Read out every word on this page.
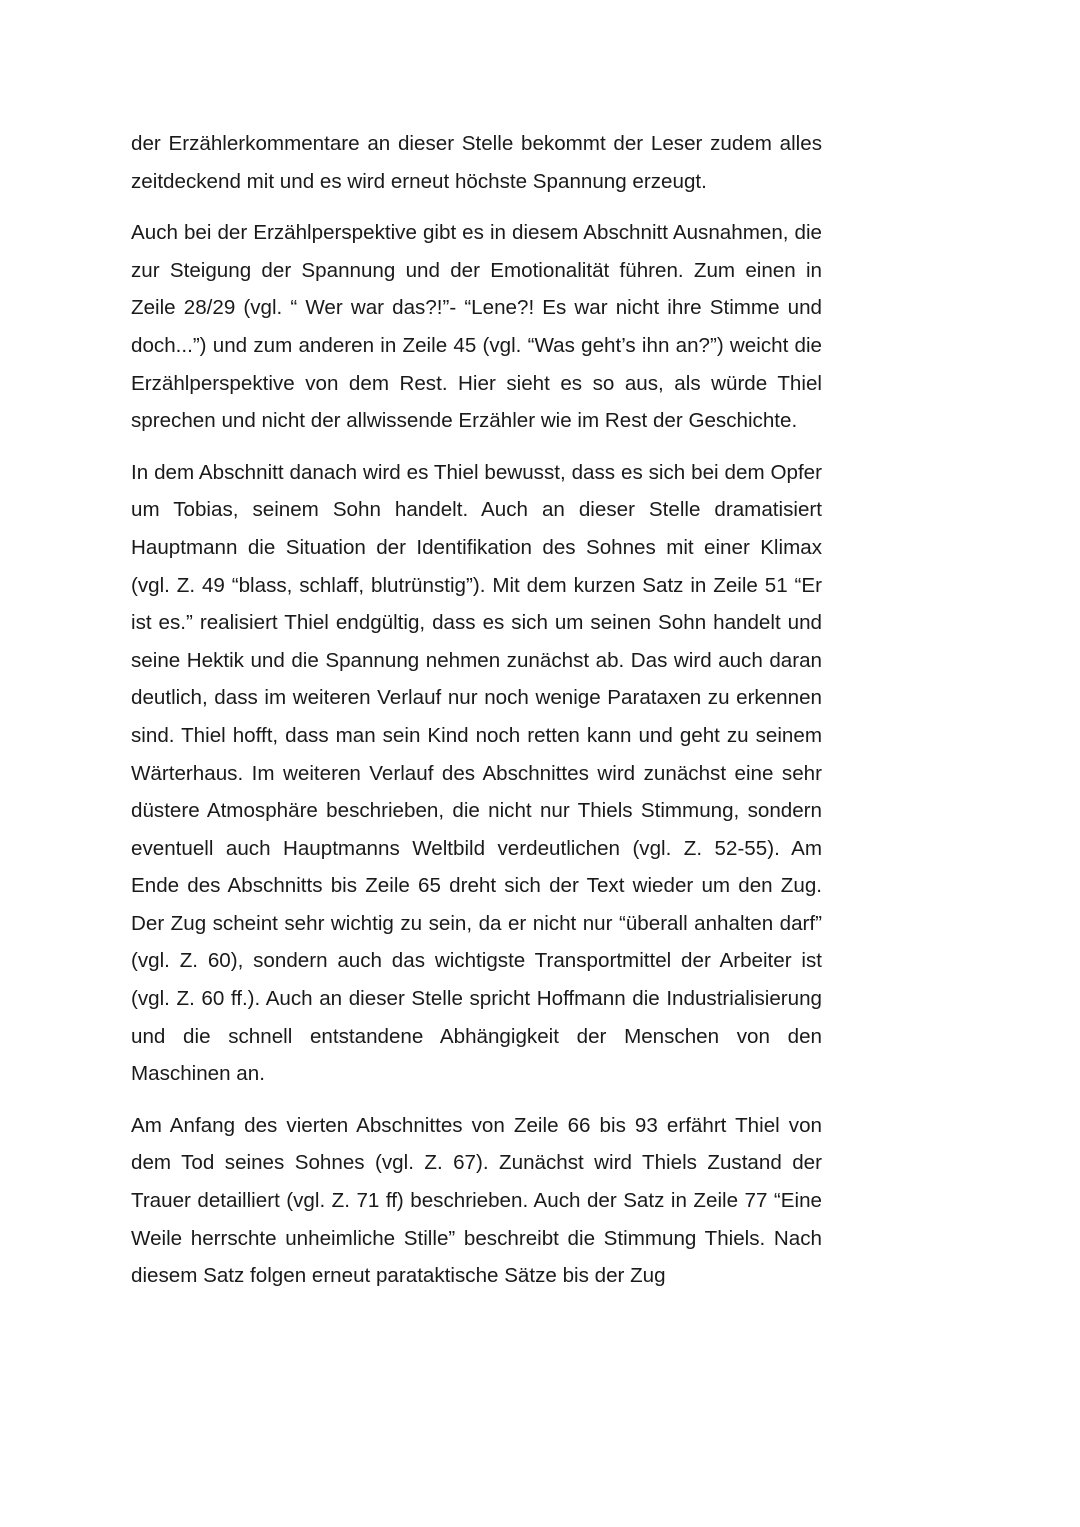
der Erzählerkommentare an dieser Stelle bekommt der Leser zudem alles zeitdeckend mit und es wird erneut höchste Spannung erzeugt.

Auch bei der Erzählperspektive gibt es in diesem Abschnitt Ausnahmen, die zur Steigung der Spannung und der Emotionalität führen. Zum einen in Zeile 28/29 (vgl. “ Wer war das?!”- “Lene?! Es war nicht ihre Stimme und doch...”) und zum anderen in Zeile 45 (vgl. “Was geht’s ihn an?”) weicht die Erzählperspektive von dem Rest. Hier sieht es so aus, als würde Thiel sprechen und nicht der allwissende Erzähler wie im Rest der Geschichte.

In dem Abschnitt danach wird es Thiel bewusst, dass es sich bei dem Opfer um Tobias, seinem Sohn handelt. Auch an dieser Stelle dramatisiert Hauptmann die Situation der Identifikation des Sohnes mit einer Klimax (vgl. Z. 49 “blass, schlaff, blutrünstig”). Mit dem kurzen Satz in Zeile 51 “Er ist es.” realisiert Thiel endgültig, dass es sich um seinen Sohn handelt und seine Hektik und die Spannung nehmen zunächst ab. Das wird auch daran deutlich, dass im weiteren Verlauf nur noch wenige Parataxen zu erkennen sind. Thiel hofft, dass man sein Kind noch retten kann und geht zu seinem Wärterhaus. Im weiteren Verlauf des Abschnittes wird zunächst eine sehr düstere Atmosphäre beschrieben, die nicht nur Thiels Stimmung, sondern eventuell auch Hauptmanns Weltbild verdeutlichen (vgl. Z. 52-55). Am Ende des Abschnitts bis Zeile 65 dreht sich der Text wieder um den Zug. Der Zug scheint sehr wichtig zu sein, da er nicht nur “überall anhalten darf” (vgl. Z. 60), sondern auch das wichtigste Transportmittel der Arbeiter ist (vgl. Z. 60 ff.). Auch an dieser Stelle spricht Hoffmann die Industrialisierung und die schnell entstandene Abhängigkeit der Menschen von den Maschinen an.

Am Anfang des vierten Abschnittes von Zeile 66 bis 93 erfährt Thiel von dem Tod seines Sohnes (vgl. Z. 67). Zunächst wird Thiels Zustand der Trauer detailliert (vgl. Z. 71 ff) beschrieben. Auch der Satz in Zeile 77 “Eine Weile herrschte unheimliche Stille” beschreibt die Stimmung Thiels. Nach diesem Satz folgen erneut parataktische Sätze bis der Zug
